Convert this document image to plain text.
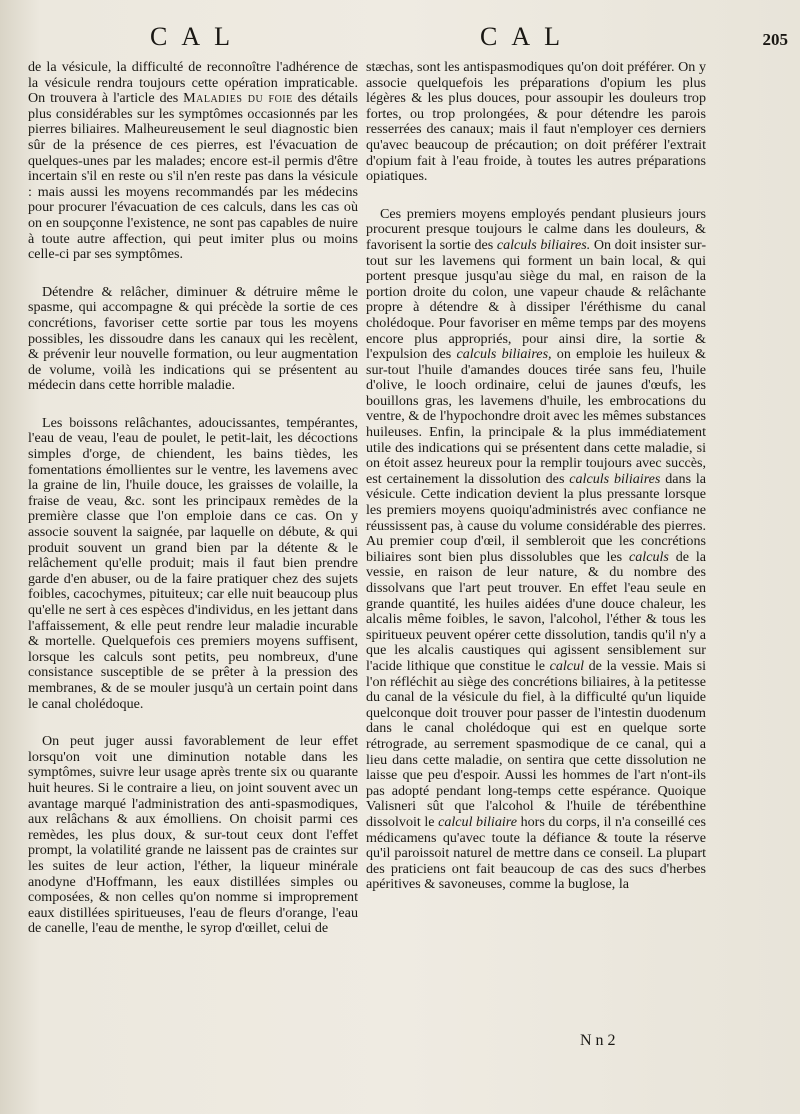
CAL	CAL	205

de la vésicule, la difficulté de reconnoître l'adhérence de la vésicule rendra toujours cette opération impraticable. On trouvera à l'article des Maladies du foie des détails plus considérables sur les symptômes occasionnés par les pierres biliaires. Malheureusement le seul diagnostic bien sûr de la présence de ces pierres, est l'évacuation de quelques-unes par les malades; encore est-il permis d'être incertain s'il en reste ou s'il n'en reste pas dans la vésicule : mais aussi les moyens recommandés par les médecins pour procurer l'évacuation de ces calculs, dans les cas où on en soupçonne l'existence, ne sont pas capables de nuire à toute autre affection, qui peut imiter plus ou moins celle-ci par ses symptômes.

Détendre & relâcher, diminuer & détruire même le spasme, qui accompagne & qui précède la sortie de ces concrétions, favoriser cette sortie par tous les moyens possibles, les dissoudre dans les canaux qui les recèlent, & prévenir leur nouvelle formation, ou leur augmentation de volume, voilà les indications qui se présentent au médecin dans cette horrible maladie.

Les boissons relâchantes, adoucissantes, tempérantes, l'eau de veau, l'eau de poulet, le petit-lait, les décoctions simples d'orge, de chiendent, les bains tièdes, les fomentations émollientes sur le ventre, les lavemens avec la graine de lin, l'huile douce, les graisses de volaille, la fraise de veau, &c. sont les principaux remèdes de la première classe que l'on emploie dans ce cas. On y associe souvent la saignée, par laquelle on débute, & qui produit souvent un grand bien par la détente & le relâchement qu'elle produit; mais il faut bien prendre garde d'en abuser, ou de la faire pratiquer chez des sujets foibles, cacochymes, pituiteux; car elle nuit beaucoup plus qu'elle ne sert à ces espèces d'individus, en les jettant dans l'affaissement, & elle peut rendre leur maladie incurable & mortelle. Quelquefois ces premiers moyens suffisent, lorsque les calculs sont petits, peu nombreux, d'une consistance susceptible de se prêter à la pression des membranes, & de se mouler jusqu'à un certain point dans le canal cholédoque.

On peut juger aussi favorablement de leur effet lorsqu'on voit une diminution notable dans les symptômes, suivre leur usage après trente six ou quarante huit heures. Si le contraire a lieu, on joint souvent avec un avantage marqué l'administration des anti-spasmodiques, aux relâchans & aux émolliens. On choisit parmi ces remèdes, les plus doux, & sur-tout ceux dont l'effet prompt, la volatilité grande ne laissent pas de craintes sur les suites de leur action, l'éther, la liqueur minérale anodyne d'Hoffmann, les eaux distillées simples ou composées, & non celles qu'on nomme si improprement eaux distillées spiritueuses, l'eau de fleurs d'orange, l'eau de canelle, l'eau de menthe, le syrop d'œillet, celui de

stæchas, sont les antispasmodiques qu'on doit préférer. On y associe quelquefois les préparations d'opium les plus légères & les plus douces, pour assoupir les douleurs trop fortes, ou trop prolongées, & pour détendre les parois resserrées des canaux; mais il faut n'employer ces derniers qu'avec beaucoup de précaution; on doit préférer l'extrait d'opium fait à l'eau froide, à toutes les autres préparations opiatiques.

Ces premiers moyens employés pendant plusieurs jours procurent presque toujours le calme dans les douleurs, & favorisent la sortie des calculs biliaires. On doit insister sur-tout sur les lavemens qui forment un bain local, & qui portent presque jusqu'au siège du mal, en raison de la portion droite du colon, une vapeur chaude & relâchante propre à détendre & à dissiper l'éréthisme du canal cholédoque. Pour favoriser en même temps par des moyens encore plus appropriés, pour ainsi dire, la sortie & l'expulsion des calculs biliaires, on emploie les huileux & sur-tout l'huile d'amandes douces tirée sans feu, l'huile d'olive, le looch ordinaire, celui de jaunes d'œufs, les bouillons gras, les lavemens d'huile, les embrocations du ventre, & de l'hypochondre droit avec les mêmes substances huileuses. Enfin, la principale & la plus immédiatement utile des indications qui se présentent dans cette maladie, si on étoit assez heureux pour la remplir toujours avec succès, est certainement la dissolution des calculs biliaires dans la vésicule. Cette indication devient la plus pressante lorsque les premiers moyens quoiqu'administrés avec confiance ne réussissent pas, à cause du volume considérable des pierres. Au premier coup d'œil, il sembleroit que les concrétions biliaires sont bien plus dissolubles que les calculs de la vessie, en raison de leur nature, & du nombre des dissolvans que l'art peut trouver. En effet l'eau seule en grande quantité, les huiles aidées d'une douce chaleur, les alcalis même foibles, le savon, l'alcohol, l'éther & tous les spiritueux peuvent opérer cette dissolution, tandis qu'il n'y a que les alcalis caustiques qui agissent sensiblement sur l'acide lithique que constitue le calcul de la vessie. Mais si l'on réfléchit au siège des concrétions biliaires, à la petitesse du canal de la vésicule du fiel, à la difficulté qu'un liquide quelconque doit trouver pour passer de l'intestin duodenum dans le canal cholédoque qui est en quelque sorte rétrograde, au serrement spasmodique de ce canal, qui a lieu dans cette maladie, on sentira que cette dissolution ne laisse que peu d'espoir. Aussi les hommes de l'art n'ont-ils pas adopté pendant long-temps cette espérance. Quoique Valisneri sût que l'alcohol & l'huile de térébenthine dissolvoit le calcul biliaire hors du corps, il n'a conseillé ces médicamens qu'avec toute la défiance & toute la réserve qu'il paroissoit naturel de mettre dans ce conseil. La plupart des praticiens ont fait beaucoup de cas des sucs d'herbes apéritives & savoneuses, comme la buglose, la

N n 2
